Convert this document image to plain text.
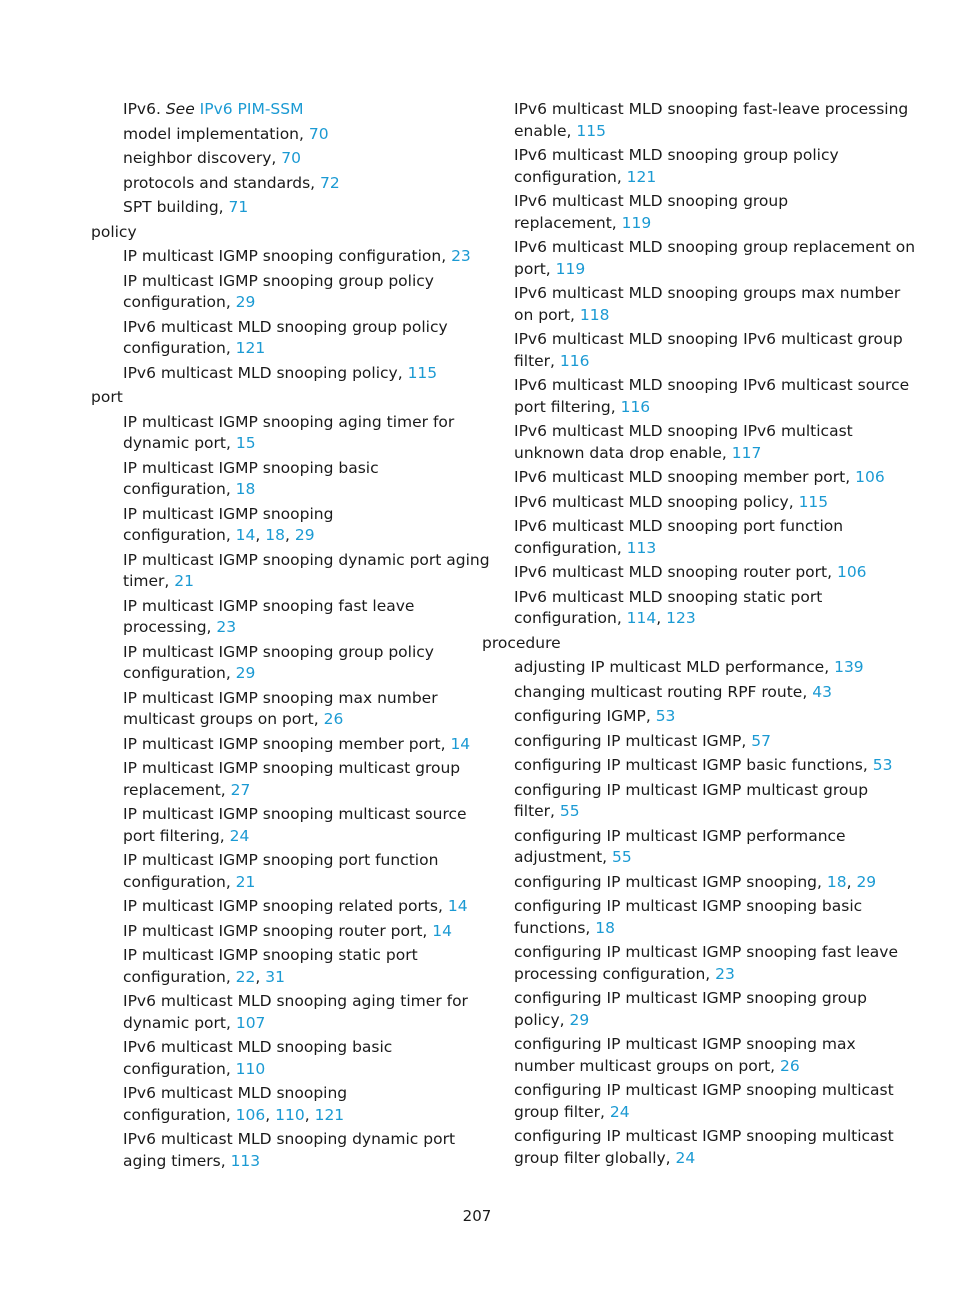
IPv6. See IPv6 PIM-SSM
model implementation, 70
neighbor discovery, 70
protocols and standards, 72
SPT building, 71
policy
IP multicast IGMP snooping configuration, 23
IP multicast IGMP snooping group policy
configuration, 29
IPv6 multicast MLD snooping group policy
configuration, 121
IPv6 multicast MLD snooping policy, 115
port
IP multicast IGMP snooping aging timer for
dynamic port, 15
IP multicast IGMP snooping basic
configuration, 18
IP multicast IGMP snooping
configuration, 14, 18, 29
IP multicast IGMP snooping dynamic port aging
timer, 21
IP multicast IGMP snooping fast leave
processing, 23
IP multicast IGMP snooping group policy
configuration, 29
IP multicast IGMP snooping max number
multicast groups on port, 26
IP multicast IGMP snooping member port, 14
IP multicast IGMP snooping multicast group
replacement, 27
IP multicast IGMP snooping multicast source
port filtering, 24
IP multicast IGMP snooping port function
configuration, 21
IP multicast IGMP snooping related ports, 14
IP multicast IGMP snooping router port, 14
IP multicast IGMP snooping static port
configuration, 22, 31
IPv6 multicast MLD snooping aging timer for
dynamic port, 107
IPv6 multicast MLD snooping basic
configuration, 110
IPv6 multicast MLD snooping
configuration, 106, 110, 121
IPv6 multicast MLD snooping dynamic port
aging timers, 113
IPv6 multicast MLD snooping fast-leave processing
enable, 115
IPv6 multicast MLD snooping group policy
configuration, 121
IPv6 multicast MLD snooping group
replacement, 119
IPv6 multicast MLD snooping group replacement on
port, 119
IPv6 multicast MLD snooping groups max number
on port, 118
IPv6 multicast MLD snooping IPv6 multicast group
filter, 116
IPv6 multicast MLD snooping IPv6 multicast source
port filtering, 116
IPv6 multicast MLD snooping IPv6 multicast
unknown data drop enable, 117
IPv6 multicast MLD snooping member port, 106
IPv6 multicast MLD snooping policy, 115
IPv6 multicast MLD snooping port function
configuration, 113
IPv6 multicast MLD snooping router port, 106
IPv6 multicast MLD snooping static port
configuration, 114, 123
procedure
adjusting IP multicast MLD performance, 139
changing multicast routing RPF route, 43
configuring IGMP, 53
configuring IP multicast IGMP, 57
configuring IP multicast IGMP basic functions, 53
configuring IP multicast IGMP multicast group
filter, 55
configuring IP multicast IGMP performance
adjustment, 55
configuring IP multicast IGMP snooping, 18, 29
configuring IP multicast IGMP snooping basic
functions, 18
configuring IP multicast IGMP snooping fast leave
processing configuration, 23
configuring IP multicast IGMP snooping group
policy, 29
configuring IP multicast IGMP snooping max
number multicast groups on port, 26
configuring IP multicast IGMP snooping multicast
group filter, 24
configuring IP multicast IGMP snooping multicast
group filter globally, 24
207
